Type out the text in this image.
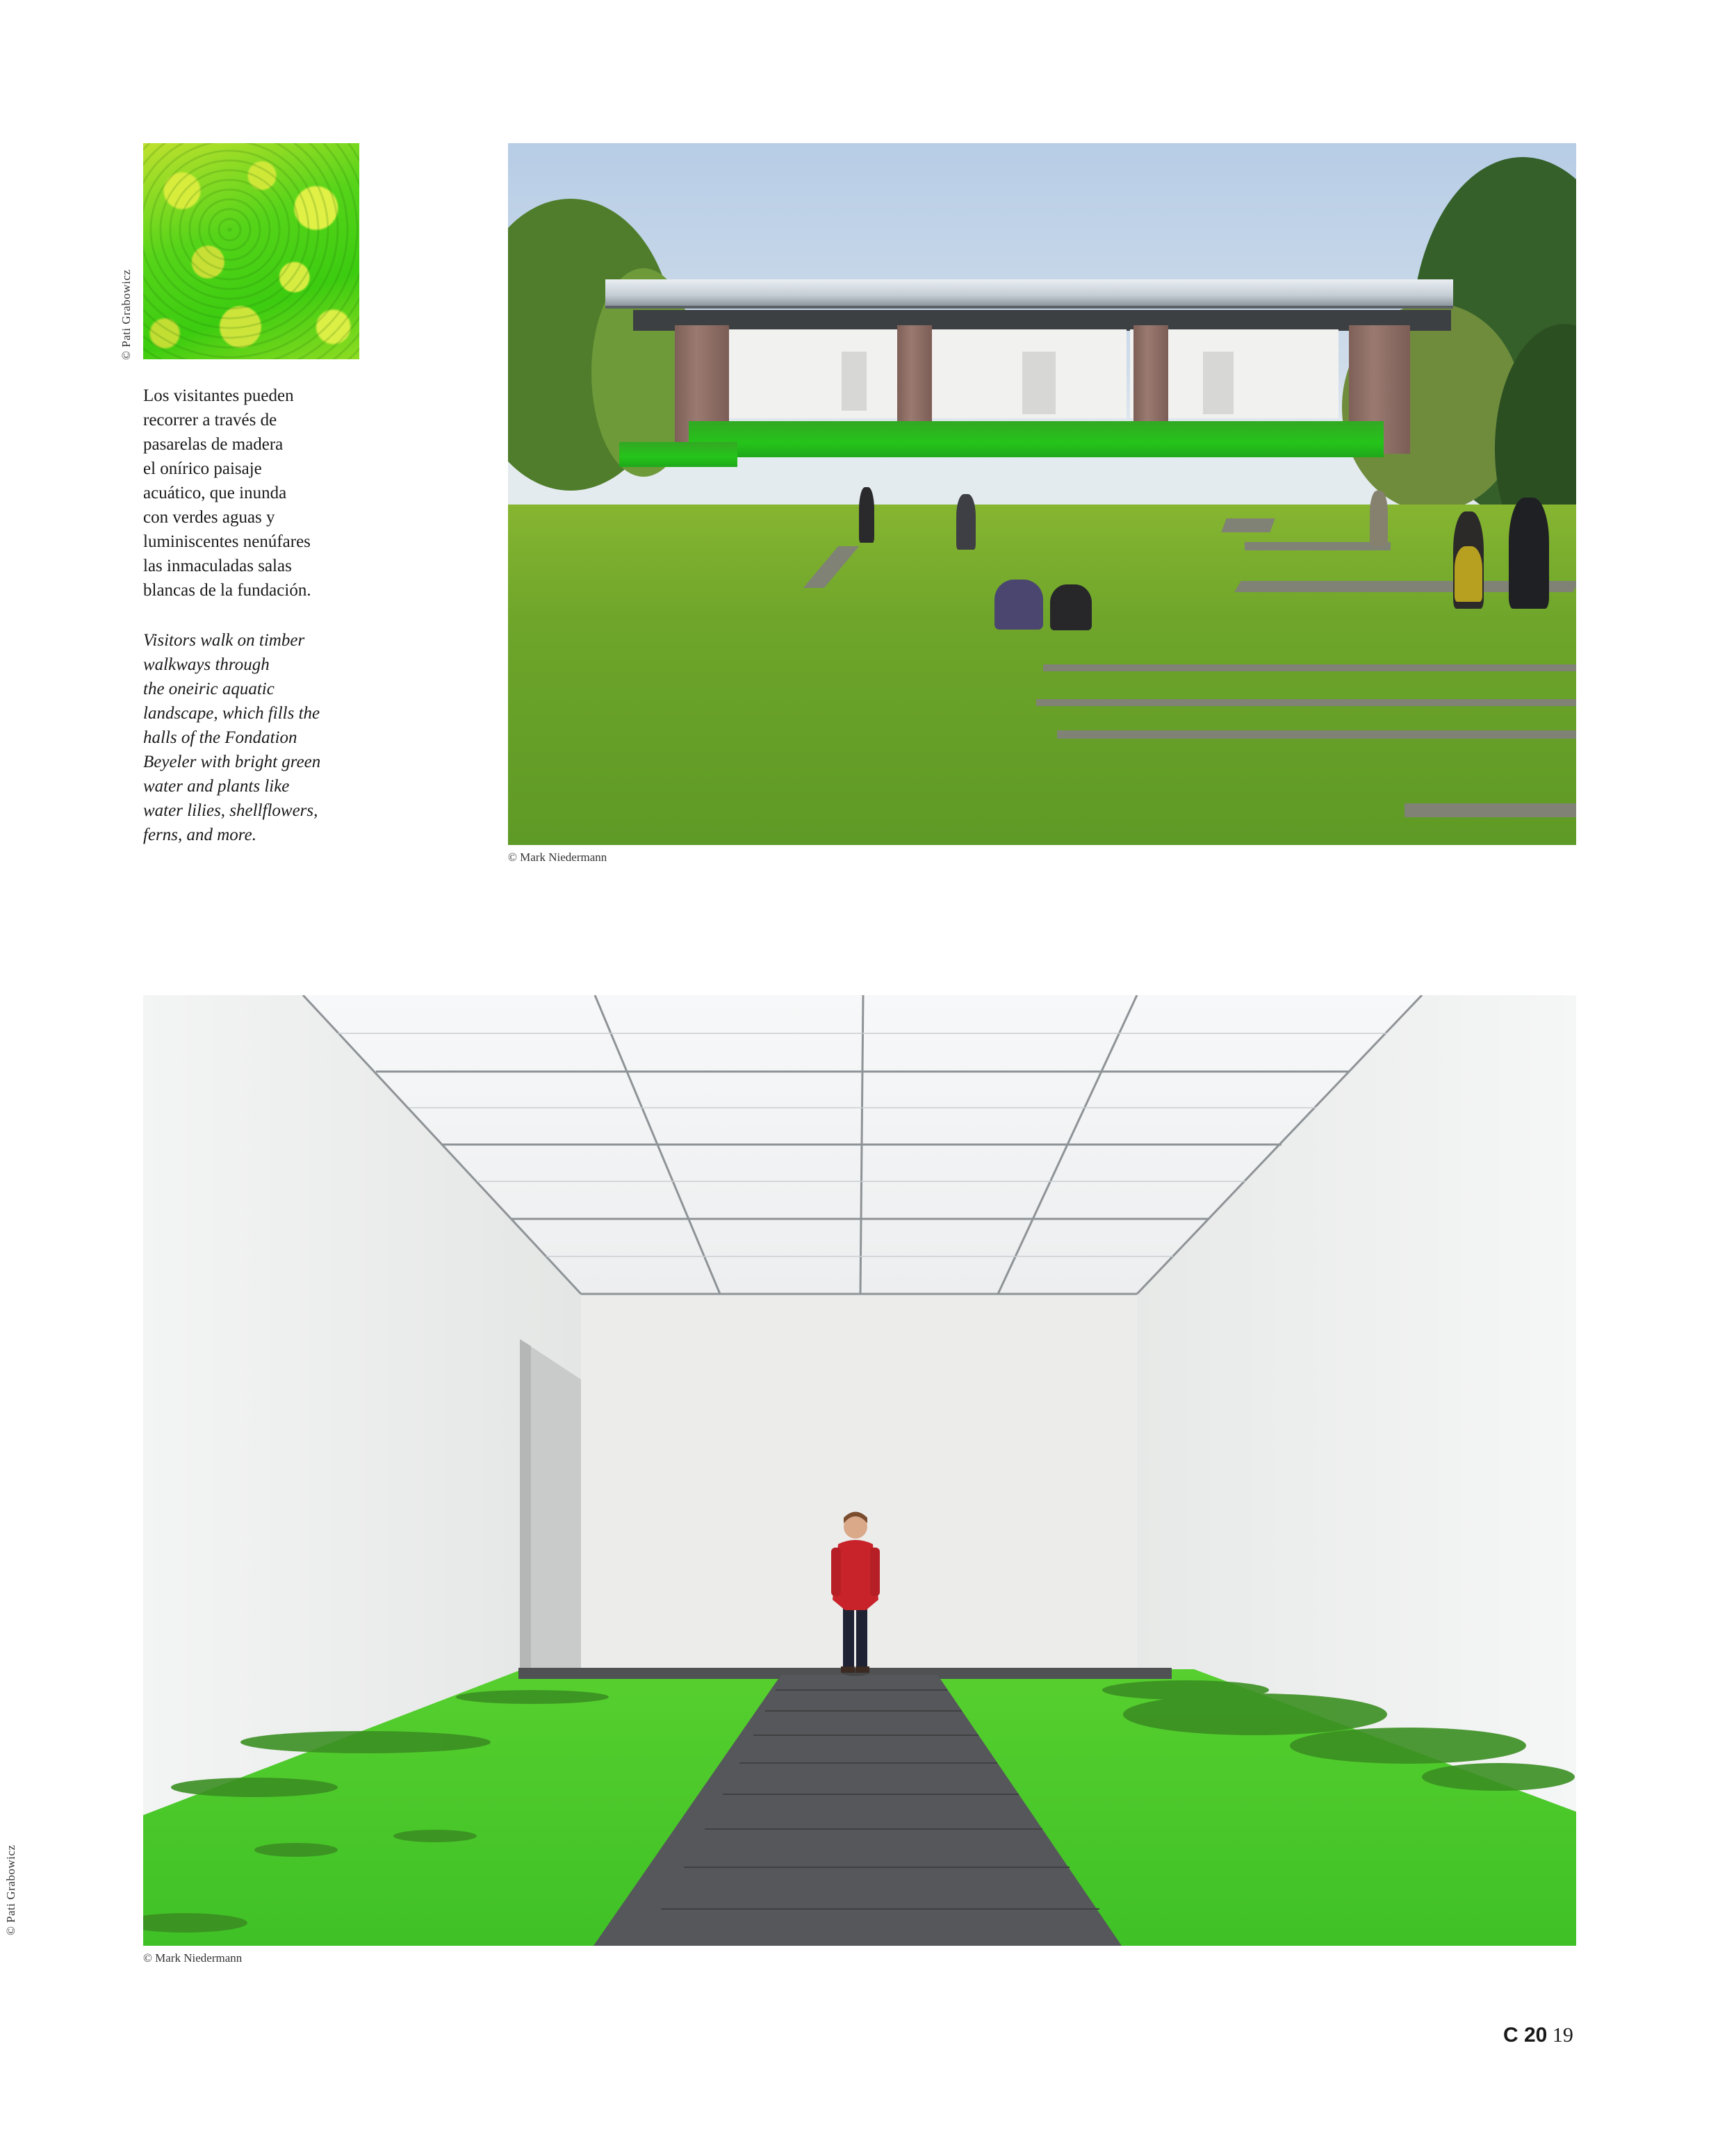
© Pati Grabowicz

Los visitantes pueden
recorrer a través de
pasarelas de madera
el onírico paisaje
acuático, que inunda
con verdes aguas y
luminiscentes nenúfares
las inmaculadas salas
blancas de la fundación.

Visitors walk on timber
walkways through
the oneiric aquatic
landscape, which fills the
halls of the Fondation
Beyeler with bright green
water and plants like
water lilies, shellflowers,
ferns, and more.

© Mark Niedermann
© Mark Niedermann
© Pati Grabowicz
C 20 19
